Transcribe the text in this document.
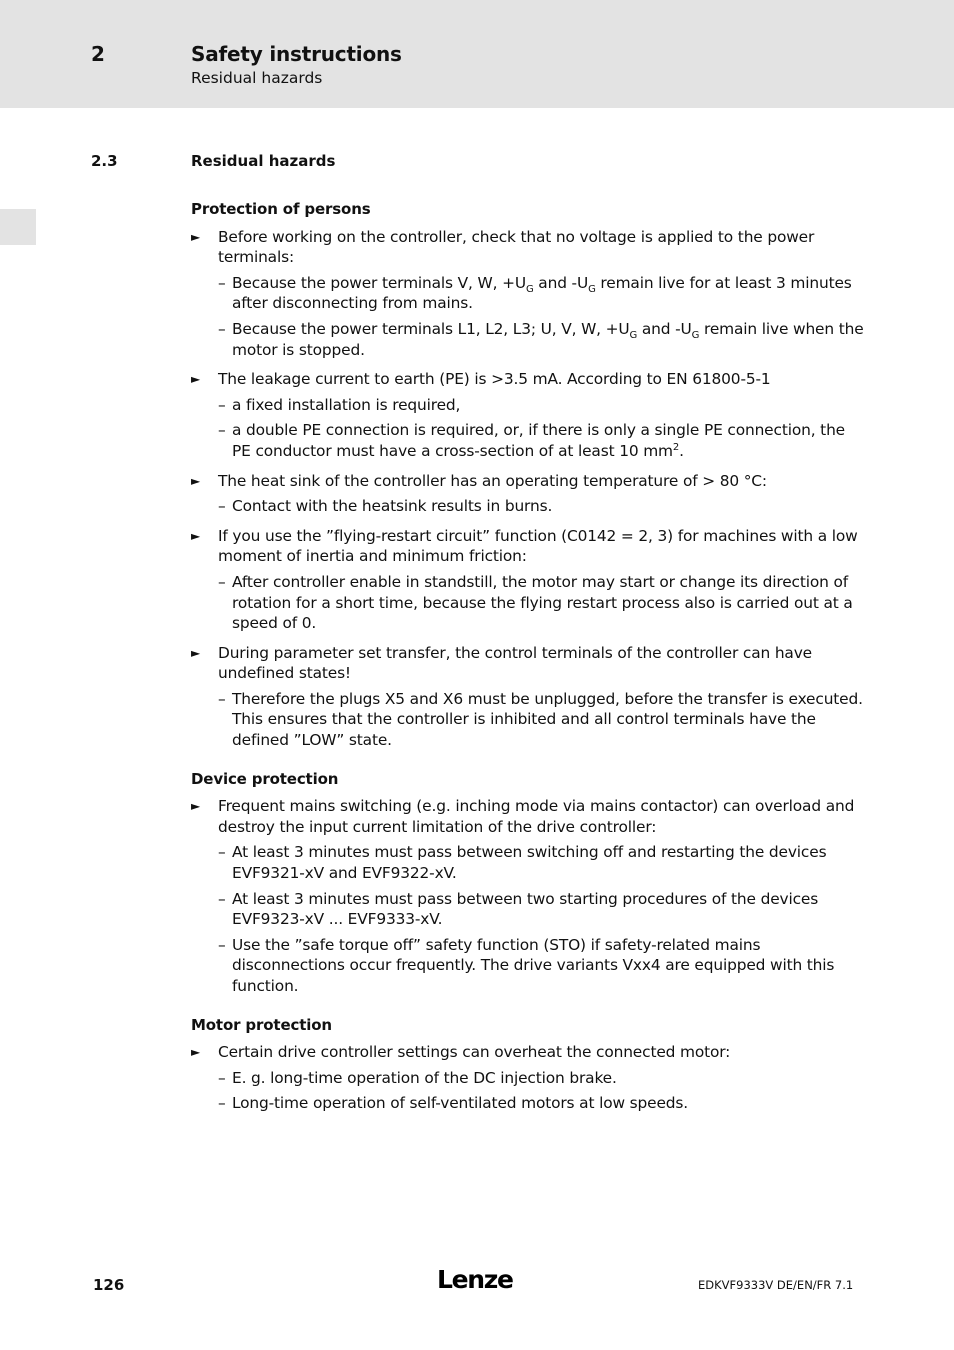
2	Safety instructions
Residual hazards
2.3	Residual hazards
Protection of persons
► Before working on the controller, check that no voltage is applied to the power terminals:
– Because the power terminals V, W, $+U_G$ and $-U_G$ remain live for at least 3 minutes after disconnecting from mains.
– Because the power terminals L1, L2, L3; U, V, W, $+U_G$ and $-U_G$ remain live when the motor is stopped.
► The leakage current to earth (PE) is >3.5 mA. According to EN 61800-5-1
– a fixed installation is required,
– a double PE connection is required, or, if there is only a single PE connection, the PE conductor must have a cross-section of at least 10 $mm^2$.
► The heat sink of the controller has an operating temperature of > 80 °C:
– Contact with the heatsink results in burns.
► If you use the ”flying-restart circuit” function (C0142 = 2, 3) for machines with a low moment of inertia and minimum friction:
– After controller enable in standstill, the motor may start or change its direction of rotation for a short time, because the flying restart process also is carried out at a speed of 0.
► During parameter set transfer, the control terminals of the controller can have undefined states!
– Therefore the plugs X5 and X6 must be unplugged, before the transfer is executed. This ensures that the controller is inhibited and all control terminals have the defined ”LOW” state.
Device protection
► Frequent mains switching (e.g. inching mode via mains contactor) can overload and destroy the input current limitation of the drive controller:
– At least 3 minutes must pass between switching off and restarting the devices EVF9321-xV and EVF9322-xV.
– At least 3 minutes must pass between two starting procedures of the devices EVF9323-xV ... EVF9333-xV.
– Use the ”safe torque off” safety function (STO) if safety-related mains disconnections occur frequently. The drive variants Vxx4 are equipped with this function.
Motor protection
► Certain drive controller settings can overheat the connected motor:
– E. g. long-time operation of the DC injection brake.
– Long-time operation of self-ventilated motors at low speeds.
126	Lenze	EDKVF9333V DE/EN/FR 7.1
